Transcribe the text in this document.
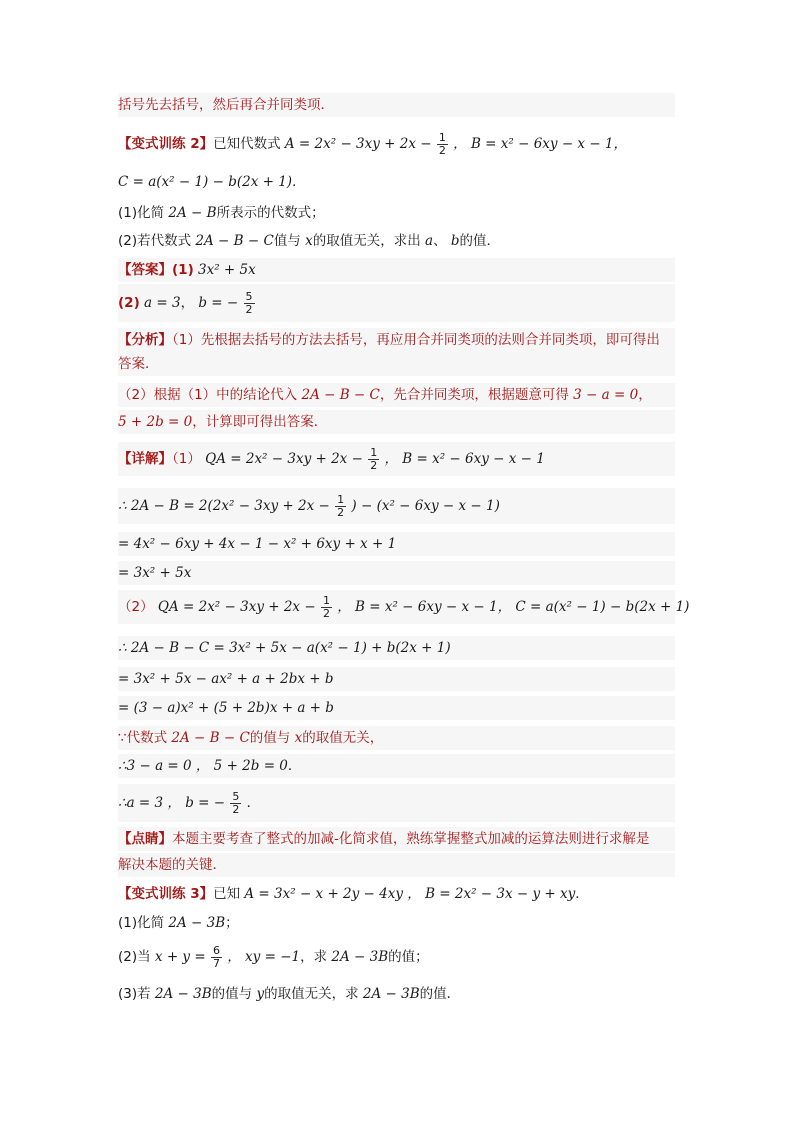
括号先去括号，然后再合并同类项．
【变式训练 2】已知代数式 $A = 2x^2 - 3xy + 2x - \frac{1}{2}$ ， B = x² − 6xy − x − 1，
C = a(x² − 1) − b(2x + 1)．
(1)化简 2A − B所表示的代数式；
(2)若代数式 2A − B − C值与 x的取值无关，求出 a、 b的值．
【答案】(1) 3x² + 5x
(2) a = 3， b = − $\frac{5}{2}$
【分析】（1）先根据去括号的方法去括号，再应用合并同类项的法则合并同类项，即可得出
答案．
（2）根据（1）中的结论代入 2A − B − C，先合并同类项，根据题意可得 3 − a = 0，
5 + 2b = 0，计算即可得出答案．
【详解】（1） QA = $2x^2 - 3xy + 2x - \frac{1}{2}$ ， B = x² − 6xy − x − 1
∴ $2A - B = 2(2x^2 - 3xy + 2x - \frac{1}{2}$ ) − (x² − 6xy − x − 1)
= 4x² − 6xy + 4x − 1 − x² + 6xy + x + 1
= 3x² + 5x
（2） QA = $2x^2 - 3xy + 2x - \frac{1}{2}$ ， B = x² − 6xy − x − 1， C = a(x² − 1) − b(2x + 1)
∴ 2A − B − C = 3x² + 5x − a(x² − 1) + b(2x + 1)
= 3x² + 5x − ax² + a + 2bx + b
= (3 − a)x² + (5 + 2b)x + a + b
∵代数式 2A − B − C的值与 x的取值无关，
∴3 − a = 0 ， 5 + 2b = 0．
∴a = 3 ， b = − $\frac{5}{2}$ ．
【点睛】本题主要考查了整式的加减-化简求值，熟练掌握整式加减的运算法则进行求解是
解决本题的关键．
【变式训练 3】已知 A = 3x² − x + 2y − 4xy ， B = 2x² − 3x − y + xy．
(1)化简 2A − 3B；
(2)当 $x + y = \frac{6}{7}$ ， xy = −1，求 2A − 3B的值；
(3)若 2A − 3B的值与 y的取值无关，求 2A − 3B的值．
